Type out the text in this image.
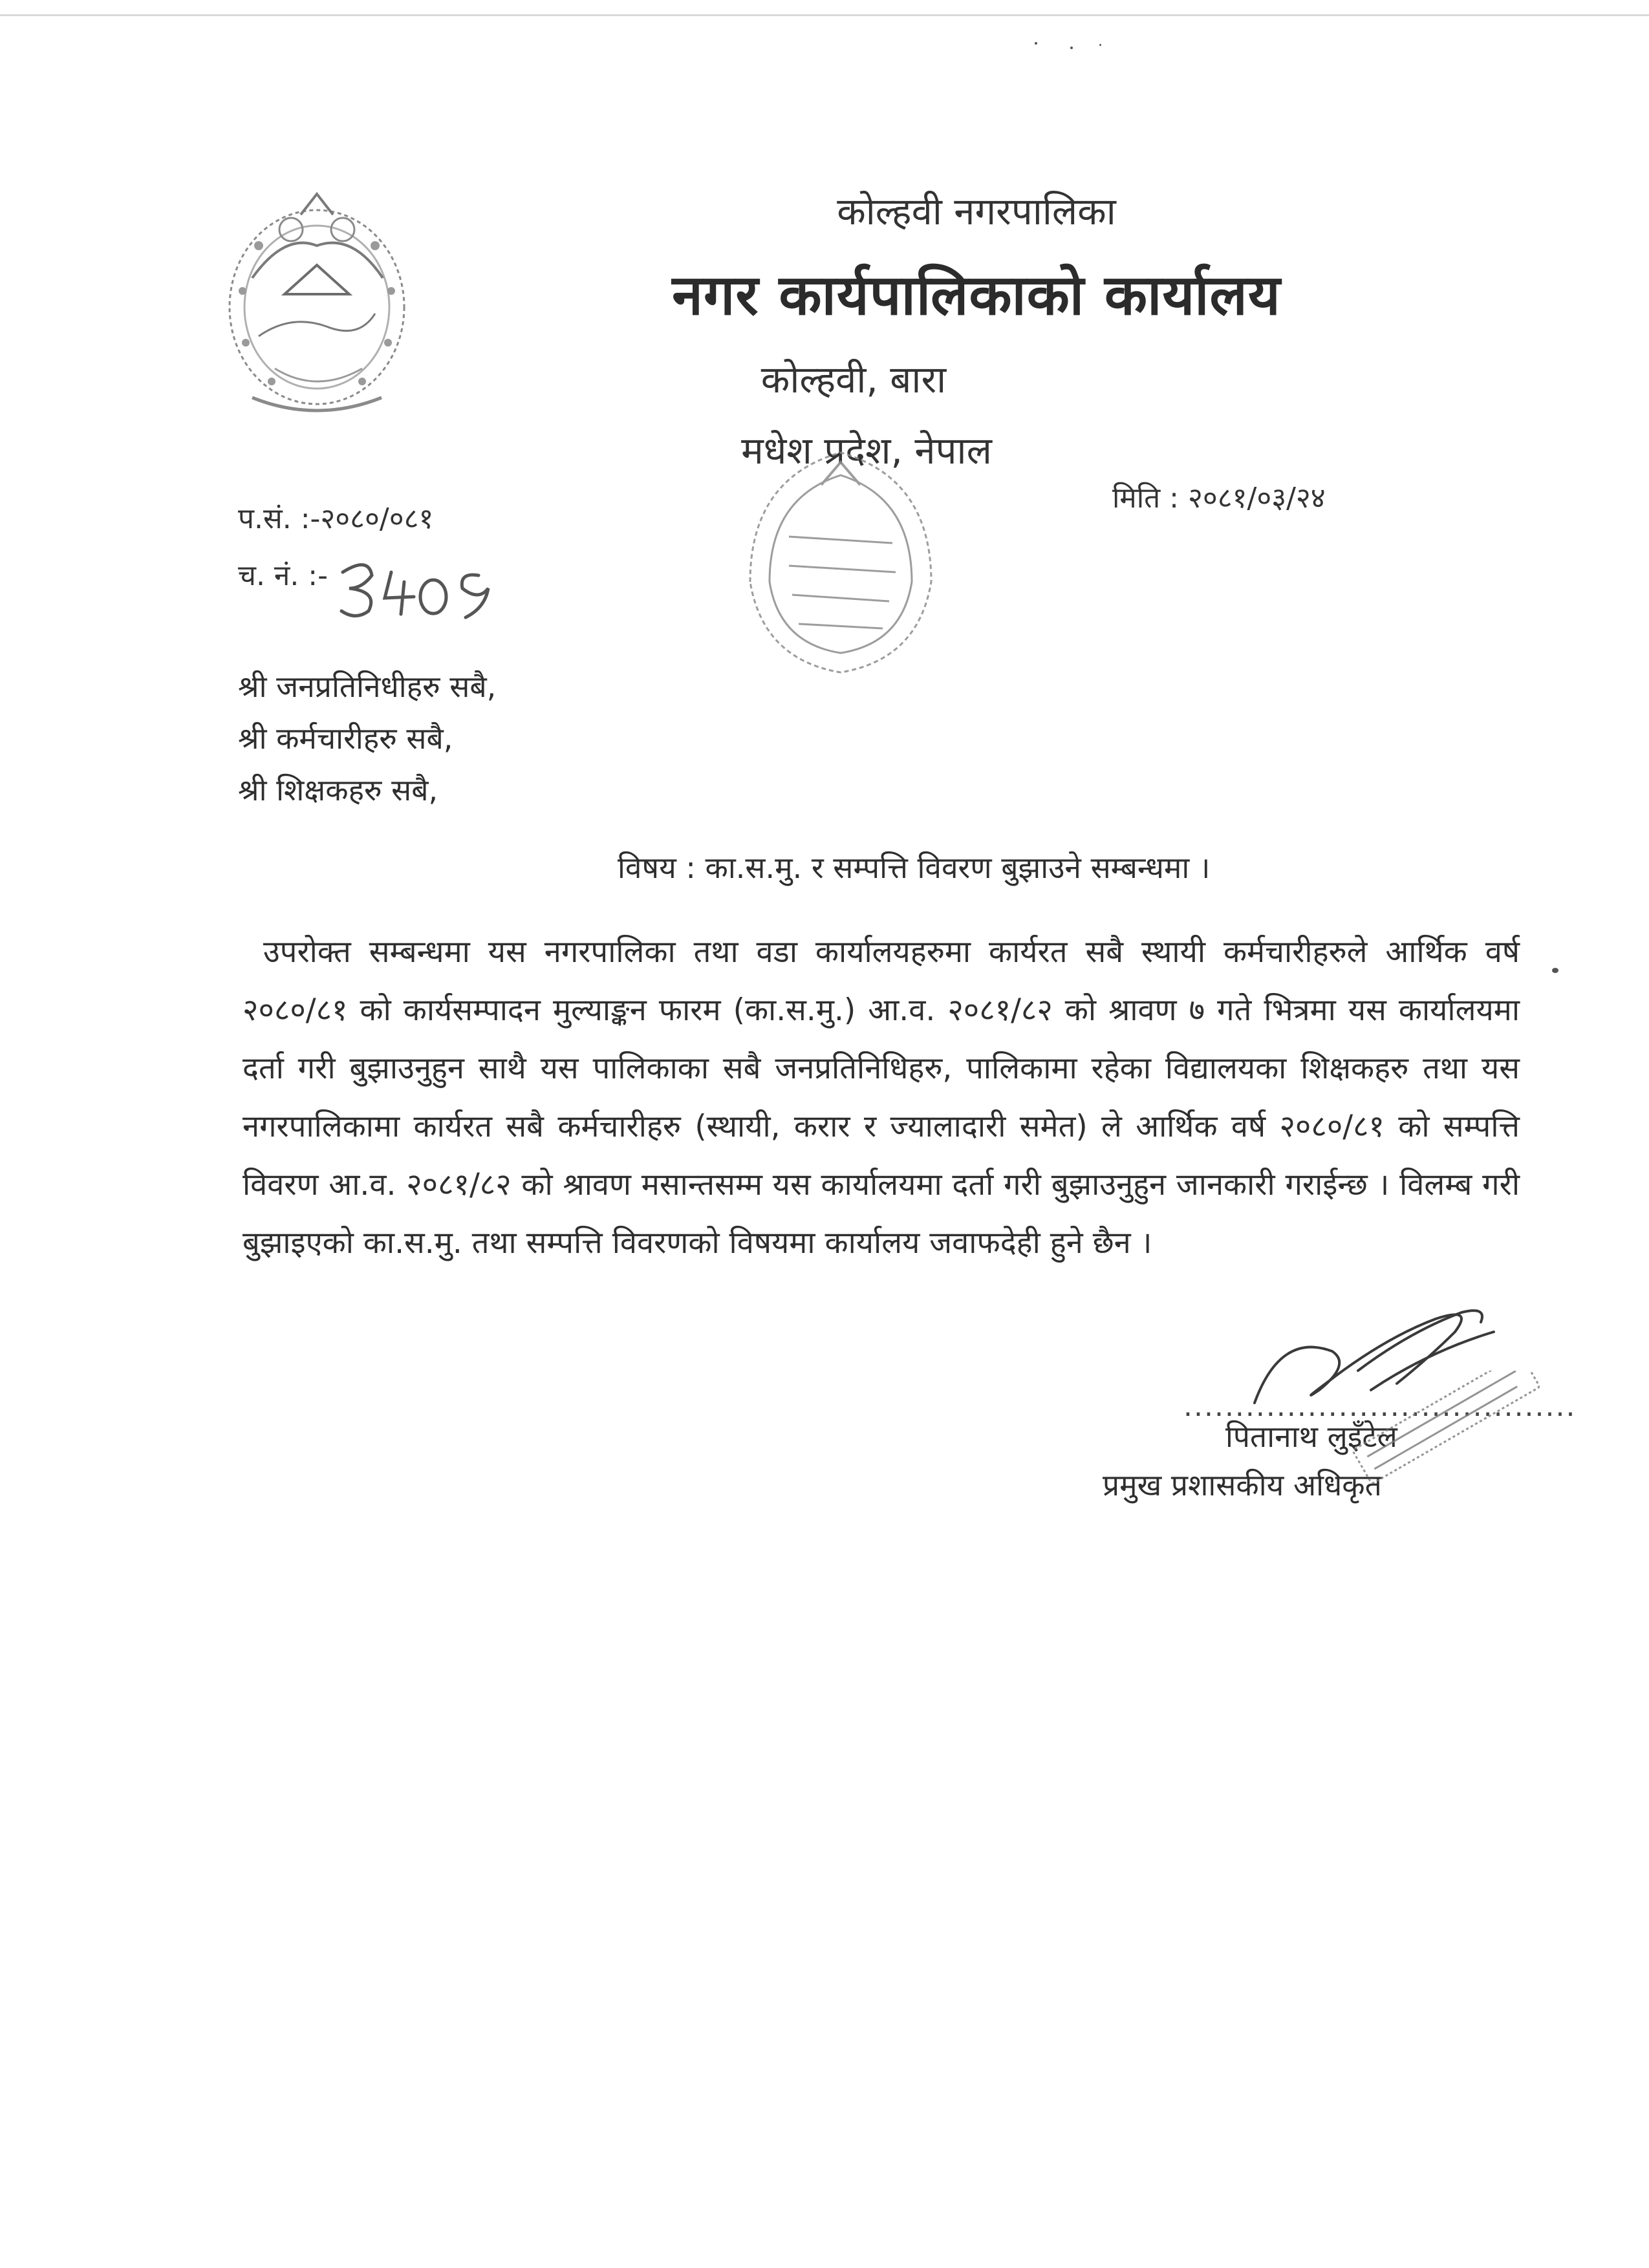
कोल्हवी नगरपालिका
नगर कार्यपालिकाको कार्यालय
कोल्हवी, बारा
मधेश प्रदेश, नेपाल
प.सं. :-२०८०/०८१
च. नं. :-
मिति : २०८१/०३/२४
श्री जनप्रतिनिधीहरु सबै,
श्री कर्मचारीहरु सबै,
श्री शिक्षकहरु सबै,
विषय : का.स.मु. र सम्पत्ति विवरण बुझाउने सम्बन्धमा ।
उपरोक्त सम्बन्धमा यस नगरपालिका तथा वडा कार्यालयहरुमा कार्यरत सबै स्थायी कर्मचारीहरुले आर्थिक वर्ष २०८०/८१ को कार्यसम्पादन मुल्याङ्कन फारम (का.स.मु.) आ.व. २०८१/८२ को श्रावण ७ गते भित्रमा यस कार्यालयमा दर्ता गरी बुझाउनुहुन साथै यस पालिकाका सबै जनप्रतिनिधिहरु, पालिकामा रहेका विद्यालयका शिक्षकहरु तथा यस नगरपालिकामा कार्यरत सबै कर्मचारीहरु (स्थायी, करार र ज्यालादारी समेत) ले आर्थिक वर्ष २०८०/८१ को सम्पत्ति विवरण आ.व. २०८१/८२ को श्रावण मसान्तसम्म यस कार्यालयमा दर्ता गरी बुझाउनुहुन जानकारी गराईन्छ । विलम्ब गरी बुझाइएको का.स.मु. तथा सम्पत्ति विवरणको विषयमा कार्यालय जवाफदेही हुने छैन ।
......................................
पितानाथ लुइँटेल
प्रमुख प्रशासकीय अधिकृत
